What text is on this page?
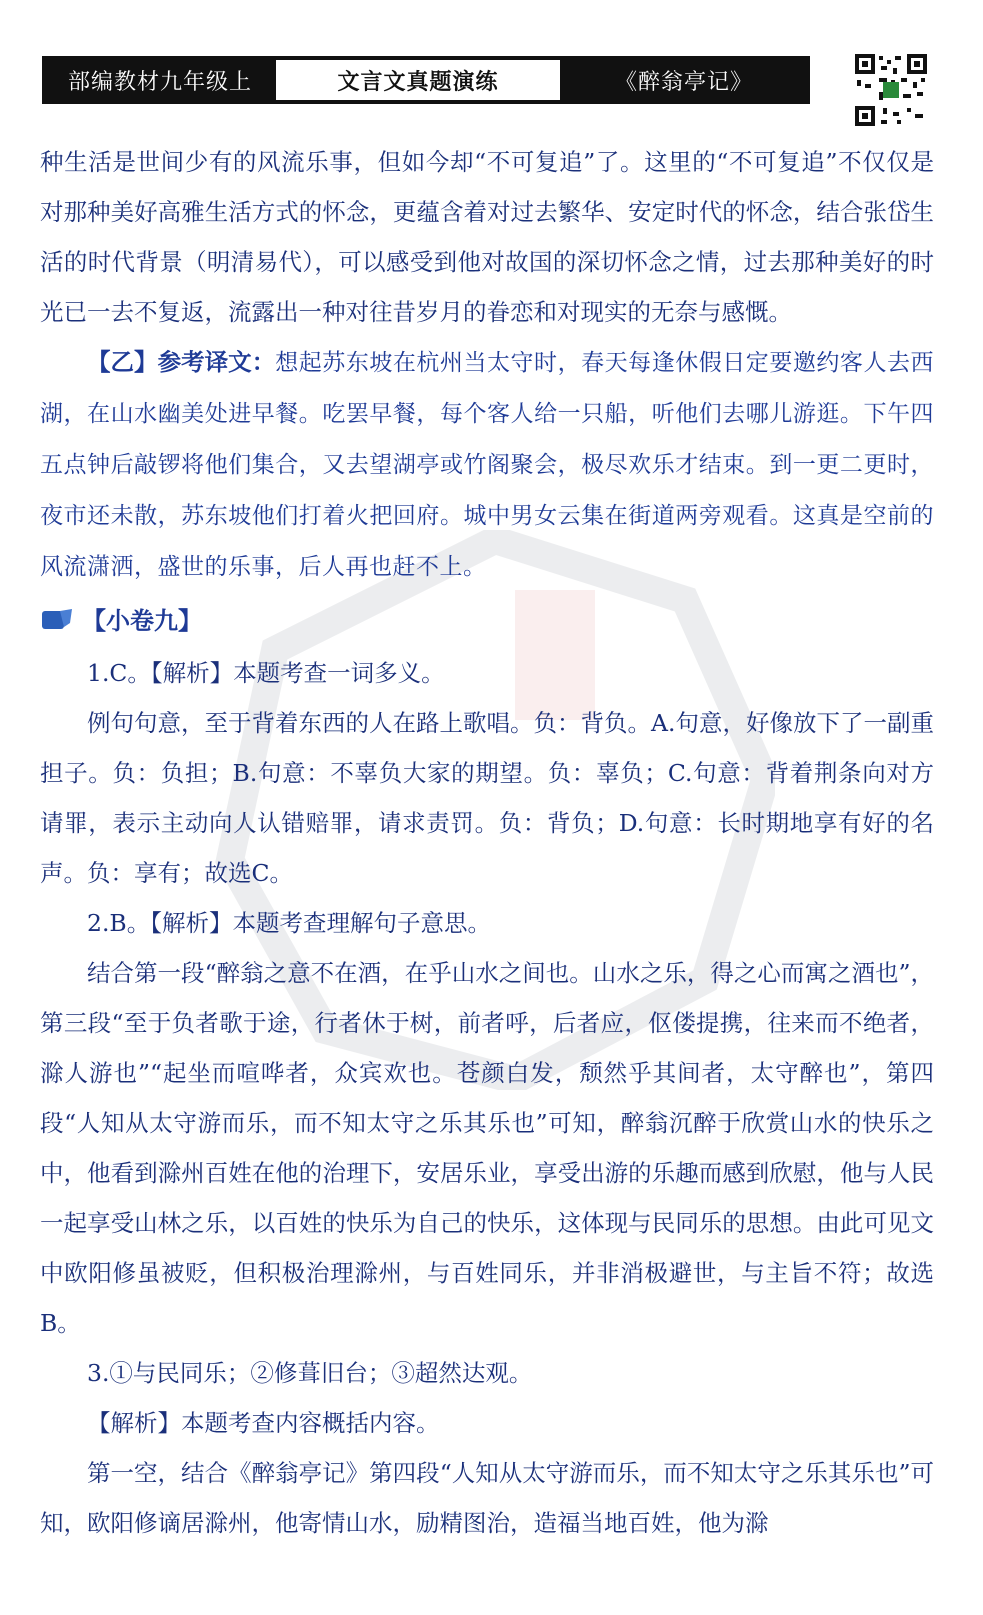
部编教材九年级上	文言文真题演练	《醉翁亭记》

种生活是世间少有的风流乐事，但如今却“不可复追”了。这里的“不可复追”不仅仅是对那种美好高雅生活方式的怀念，更蕴含着对过去繁华、安定时代的怀念，结合张岱生活的时代背景（明清易代），可以感受到他对故国的深切怀念之情，过去那种美好的时光已一去不复返，流露出一种对往昔岁月的眷恋和对现实的无奈与感慨。

【乙】参考译文：想起苏东坡在杭州当太守时，春天每逢休假日定要邀约客人去西湖，在山水幽美处进早餐。吃罢早餐，每个客人给一只船，听他们去哪儿游逛。下午四五点钟后敲锣将他们集合，又去望湖亭或竹阁聚会，极尽欢乐才结束。到一更二更时，夜市还未散，苏东坡他们打着火把回府。城中男女云集在街道两旁观看。这真是空前的风流潇洒，盛世的乐事，后人再也赶不上。

【小卷九】

1.C。【解析】本题考查一词多义。

例句句意，至于背着东西的人在路上歌唱。负：背负。A.句意，好像放下了一副重担子。负：负担；B.句意：不辜负大家的期望。负：辜负；C.句意：背着荆条向对方请罪，表示主动向人认错赔罪，请求责罚。负：背负；D.句意：长时期地享有好的名声。负：享有；故选C。

2.B。【解析】本题考查理解句子意思。

结合第一段“醉翁之意不在酒，在乎山水之间也。山水之乐，得之心而寓之酒也”，第三段“至于负者歌于途，行者休于树，前者呼，后者应，伛偻提携，往来而不绝者，滁人游也”“起坐而喧哗者，众宾欢也。苍颜白发，颓然乎其间者，太守醉也”，第四段“人知从太守游而乐，而不知太守之乐其乐也”可知，醉翁沉醉于欣赏山水的快乐之中，他看到滁州百姓在他的治理下，安居乐业，享受出游的乐趣而感到欣慰，他与人民一起享受山林之乐，以百姓的快乐为自己的快乐，这体现与民同乐的思想。由此可见文中欧阳修虽被贬，但积极治理滁州，与百姓同乐，并非消极避世，与主旨不符；故选B。

3.①与民同乐；②修葺旧台；③超然达观。

【解析】本题考查内容概括内容。

第一空，结合《醉翁亭记》第四段“人知从太守游而乐，而不知太守之乐其乐也”可知，欧阳修谪居滁州，他寄情山水，励精图治，造福当地百姓，他为滁
